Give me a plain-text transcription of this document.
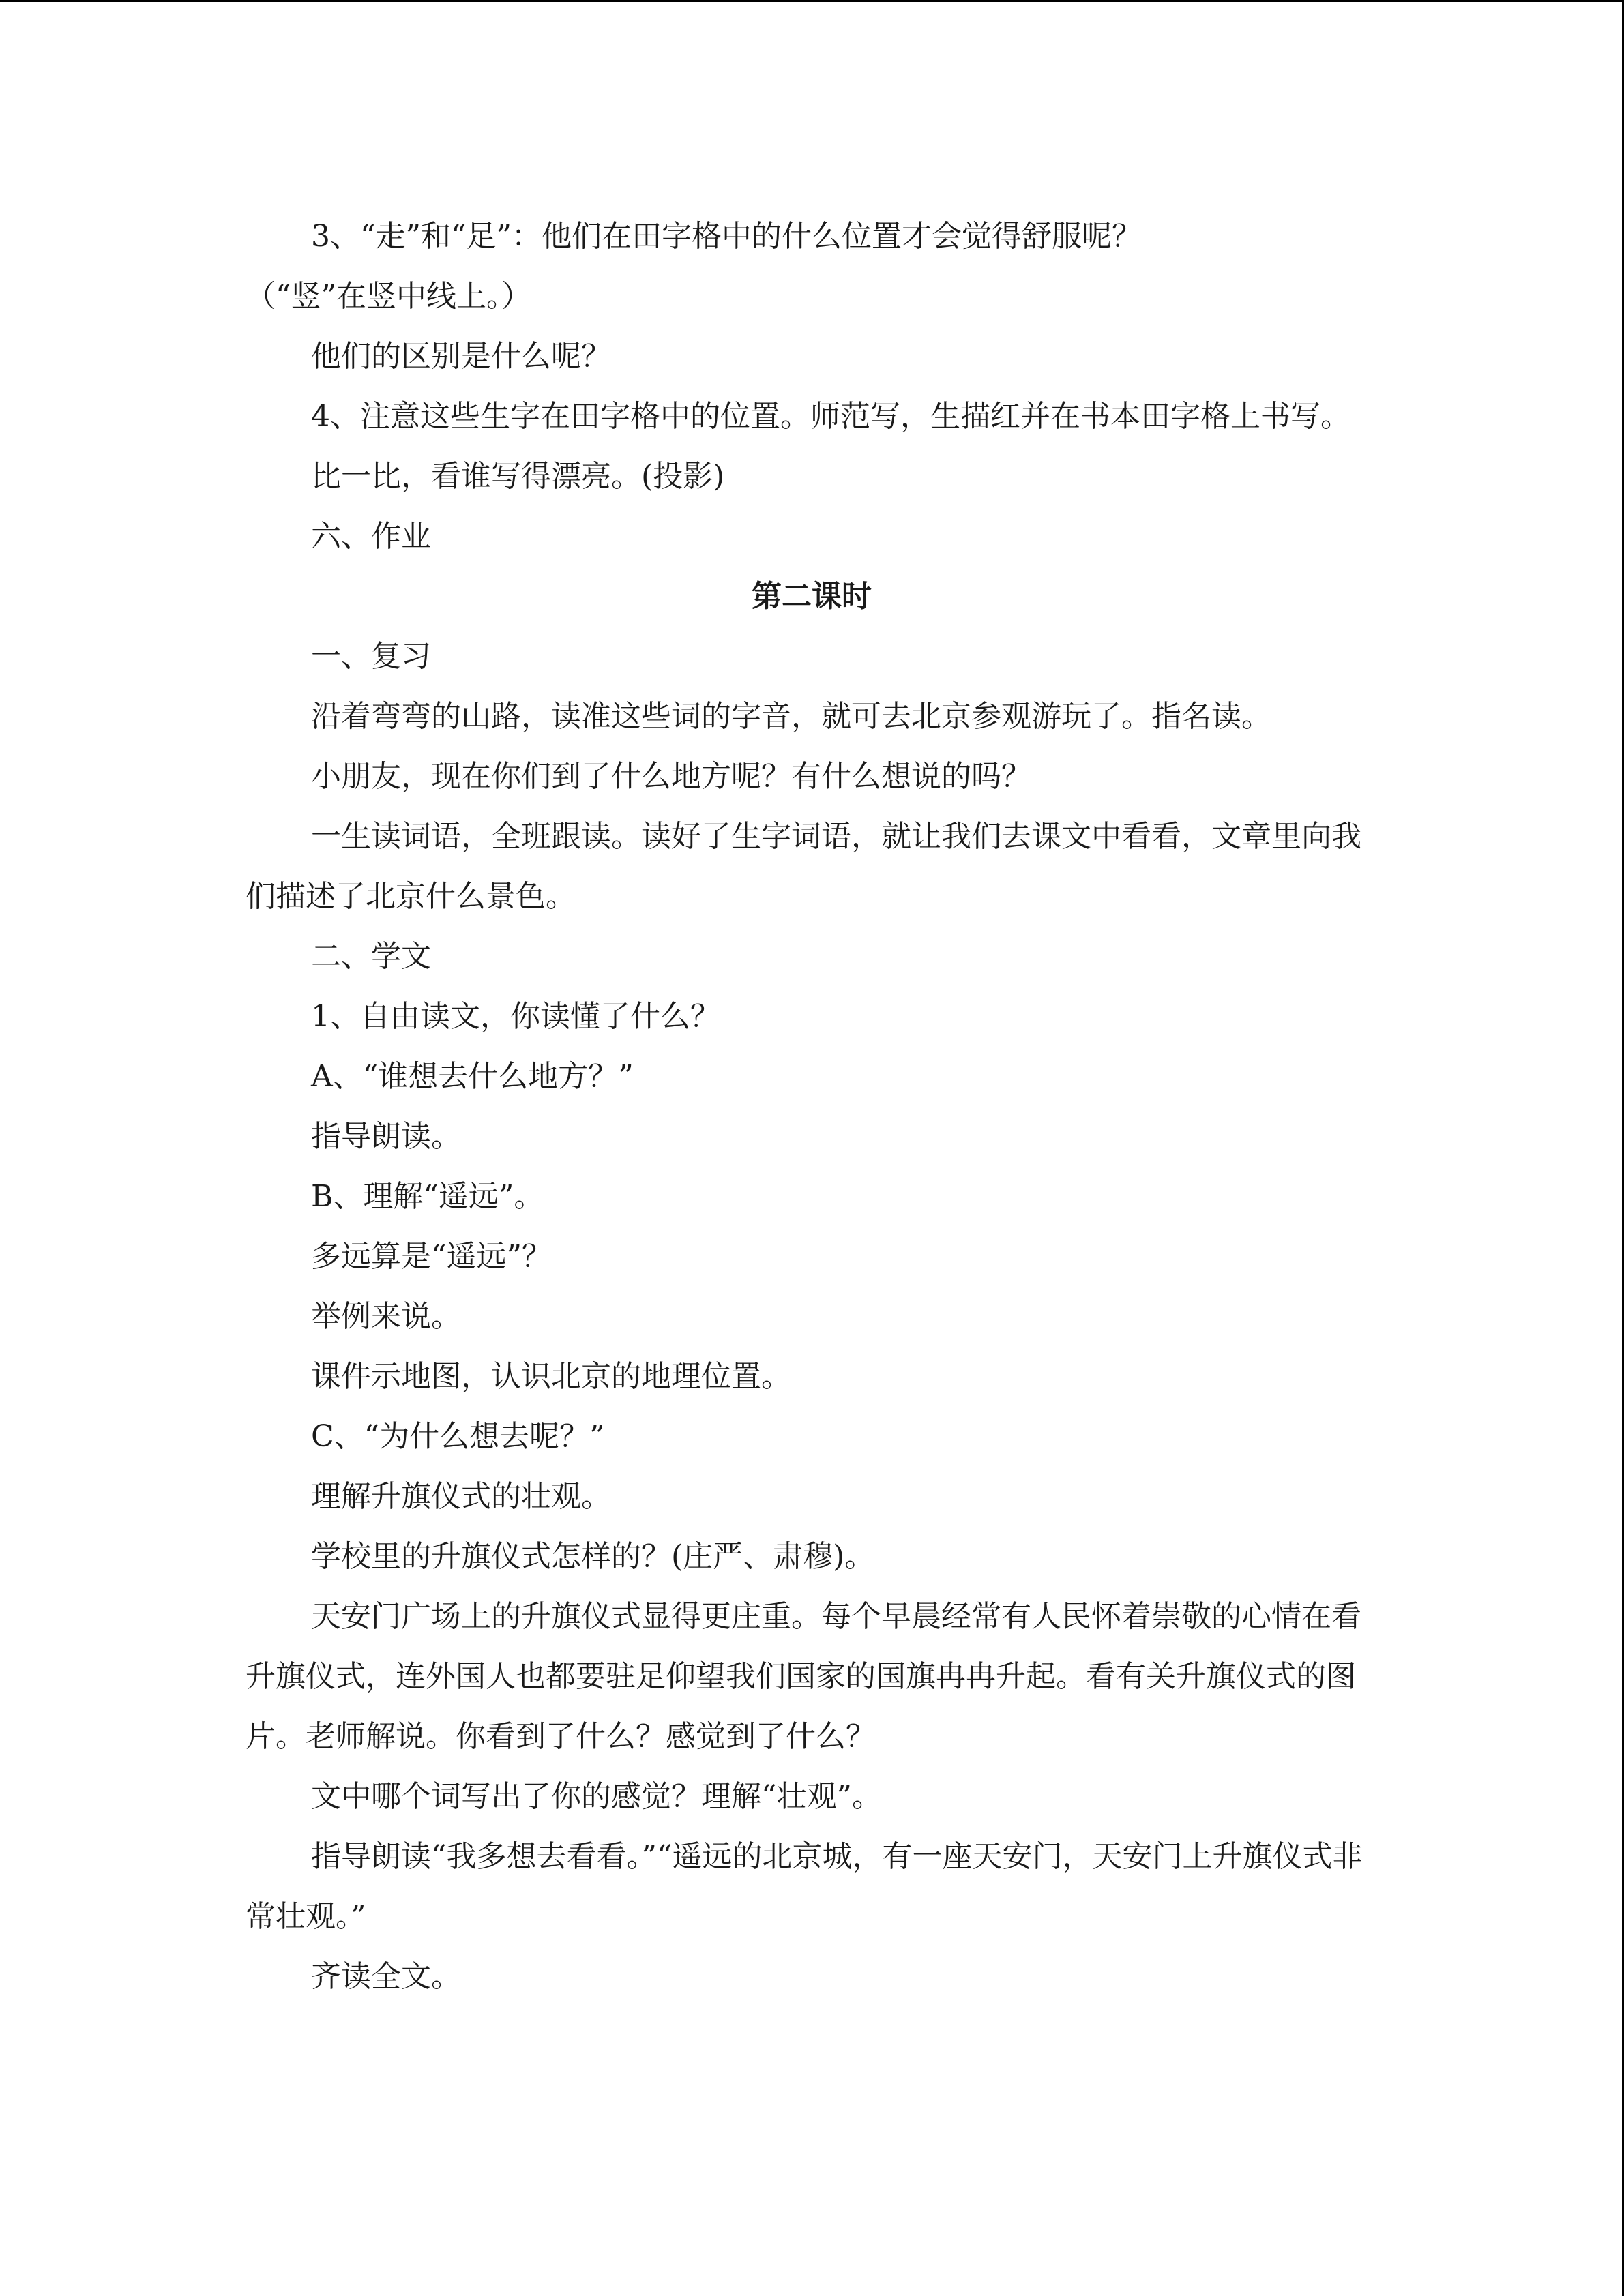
3、“走”和“足”：他们在田字格中的什么位置才会觉得舒服呢？

（“竖”在竖中线上。）

他们的区别是什么呢？

4、注意这些生字在田字格中的位置。师范写，生描红并在书本田字格上书写。

比一比，看谁写得漂亮。(投影)

六、作业

第二课时

一、复习

沿着弯弯的山路，读准这些词的字音，就可去北京参观游玩了。指名读。

小朋友，现在你们到了什么地方呢？有什么想说的吗？

一生读词语，全班跟读。读好了生字词语，就让我们去课文中看看，文章里向我们描述了北京什么景色。

二、学文

1、自由读文，你读懂了什么？

A、“谁想去什么地方？”

指导朗读。

B、理解“遥远”。

多远算是“遥远”？

举例来说。

课件示地图，认识北京的地理位置。

C、“为什么想去呢？”

理解升旗仪式的壮观。

学校里的升旗仪式怎样的？(庄严、肃穆)。

天安门广场上的升旗仪式显得更庄重。每个早晨经常有人民怀着崇敬的心情在看升旗仪式，连外国人也都要驻足仰望我们国家的国旗冉冉升起。看有关升旗仪式的图片。老师解说。你看到了什么？感觉到了什么？

文中哪个词写出了你的感觉？理解“壮观”。

指导朗读“我多想去看看。”“遥远的北京城，有一座天安门，天安门上升旗仪式非常壮观。”

齐读全文。
